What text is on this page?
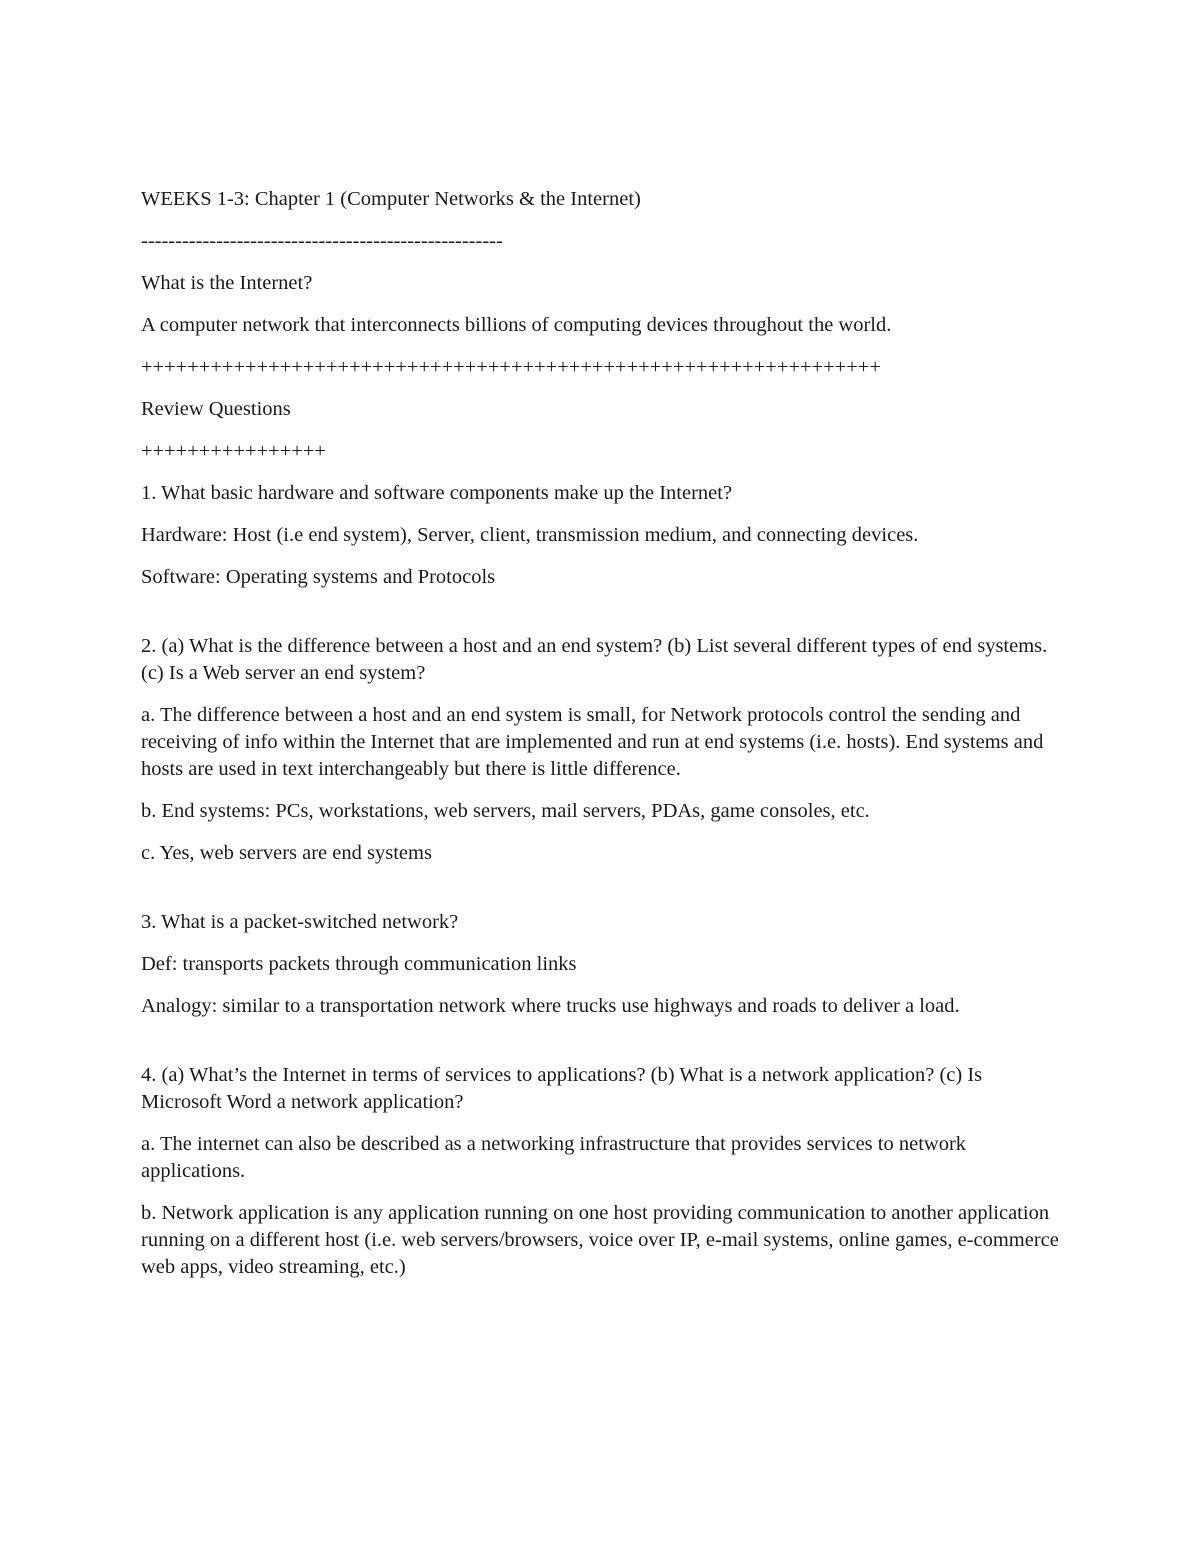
WEEKS 1-3: Chapter 1 (Computer Networks & the Internet)

-----------------------------------------------------

What is the Internet?

A computer network that interconnects billions of computing devices throughout the world.

++++++++++++++++++++++++++++++++++++++++++++++++++++++++++++++++

Review Questions

++++++++++++++++

1. What basic hardware and software components make up the Internet?

Hardware: Host (i.e end system), Server, client, transmission medium, and connecting devices.

Software: Operating systems and Protocols

2. (a) What is the difference between a host and an end system? (b) List several different types of end systems. (c) Is a Web server an end system?

a. The difference between a host and an end system is small, for Network protocols control the sending and receiving of info within the Internet that are implemented and run at end systems (i.e. hosts). End systems and hosts are used in text interchangeably but there is little difference.

b. End systems: PCs, workstations, web servers, mail servers, PDAs, game consoles, etc.

c. Yes, web servers are end systems

3. What is a packet-switched network?

Def: transports packets through communication links

Analogy: similar to a transportation network where trucks use highways and roads to deliver a load.

4. (a) What’s the Internet in terms of services to applications? (b) What is a network application? (c) Is Microsoft Word a network application?

a. The internet can also be described as a networking infrastructure that provides services to network applications.

b. Network application is any application running on one host providing communication to another application running on a different host (i.e. web servers/browsers, voice over IP, e-mail systems, online games, e-commerce web apps, video streaming, etc.)
